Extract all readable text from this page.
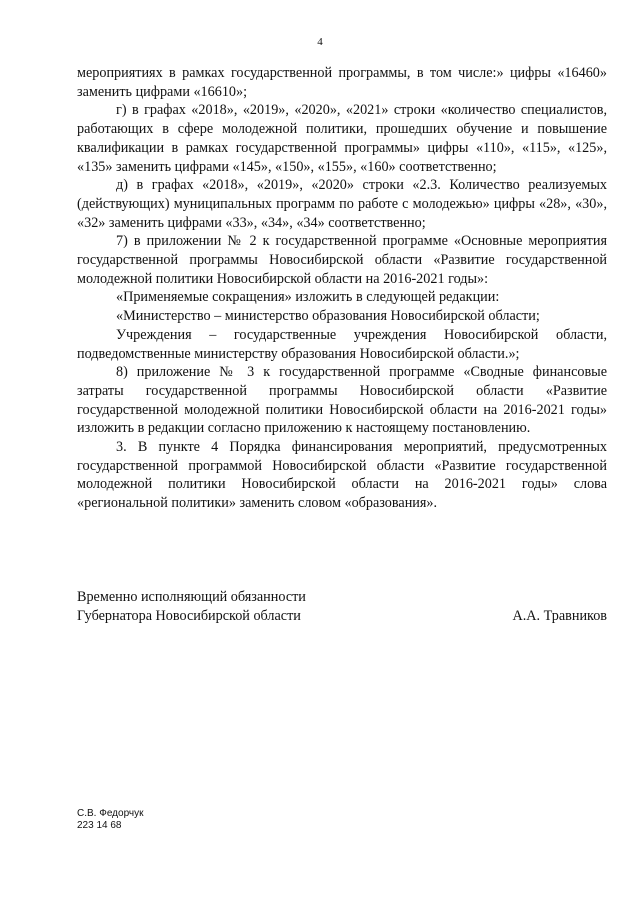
4

мероприятиях в рамках государственной программы, в том числе:» цифры «16460» заменить цифрами «16610»;

г) в графах «2018», «2019», «2020», «2021» строки «количество специалистов, работающих в сфере молодежной политики, прошедших обучение и повышение квалификации в рамках государственной программы» цифры «110», «115», «125», «135» заменить цифрами «145», «150», «155», «160» соответственно;

д) в графах «2018», «2019», «2020» строки «2.3. Количество реализуемых (действующих) муниципальных программ по работе с молодежью» цифры «28», «30», «32» заменить цифрами «33», «34», «34» соответственно;

7) в приложении № 2 к государственной программе «Основные мероприятия государственной программы Новосибирской области «Развитие государственной молодежной политики Новосибирской области на 2016-2021 годы»:

«Применяемые сокращения» изложить в следующей редакции:

«Министерство – министерство образования Новосибирской области;

Учреждения – государственные учреждения Новосибирской области, подведомственные министерству образования Новосибирской области.»;

8) приложение № 3 к государственной программе «Сводные финансовые затраты государственной программы Новосибирской области «Развитие государственной молодежной политики Новосибирской области на 2016-2021 годы» изложить в редакции согласно приложению к настоящему постановлению.

3. В пункте 4 Порядка финансирования мероприятий, предусмотренных государственной программой Новосибирской области «Развитие государственной молодежной политики Новосибирской области на 2016-2021 годы» слова «региональной политики» заменить словом «образования».

Временно исполняющий обязанности
Губернатора Новосибирской области	А.А. Травников
С.В. Федорчук
223 14 68
